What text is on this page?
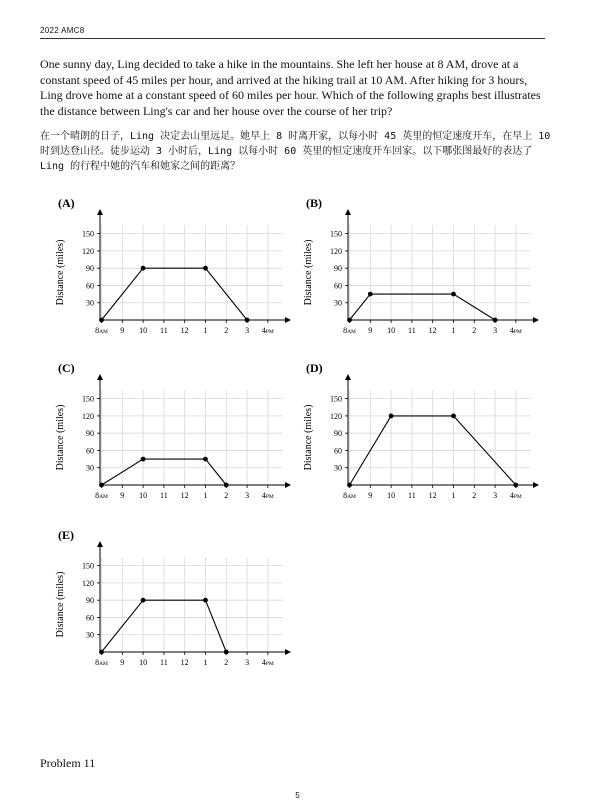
2022 AMC8
One sunny day, Ling decided to take a hike in the mountains. She left her house at 8 AM, drove at a constant speed of 45 miles per hour, and arrived at the hiking trail at 10 AM. After hiking for 3 hours, Ling drove home at a constant speed of 60 miles per hour. Which of the following graphs best illustrates the distance between Ling's car and her house over the course of her trip?
在一个晴朗的日子，Ling 决定去山里远足。她早上 8 时离开家，以每小时 45 英里的恒定速度开车，在早上 10 时到达登山径。徒步运动 3 小时后，Ling 以每小时 60 英里的恒定速度开车回家。以下哪张图最好的表达了 Ling 的行程中她的汽车和她家之间的距离？
(A)
30
60
90
120
150
8AM 9 10 11 12 1 2 3 4PM
Distance (miles)
(B)
30
60
90
120
150
8AM 9 10 11 12 1 2 3 4PM
Distance (miles)
(C)
30
60
90
120
150
8AM 9 10 11 12 1 2 3 4PM
Distance (miles)
(D)
30
60
90
120
150
8AM 9 10 11 12 1 2 3 4PM
Distance (miles)
(E)
30
60
90
120
150
8AM 9 10 11 12 1 2 3 4PM
Distance (miles)
Problem 11
5
